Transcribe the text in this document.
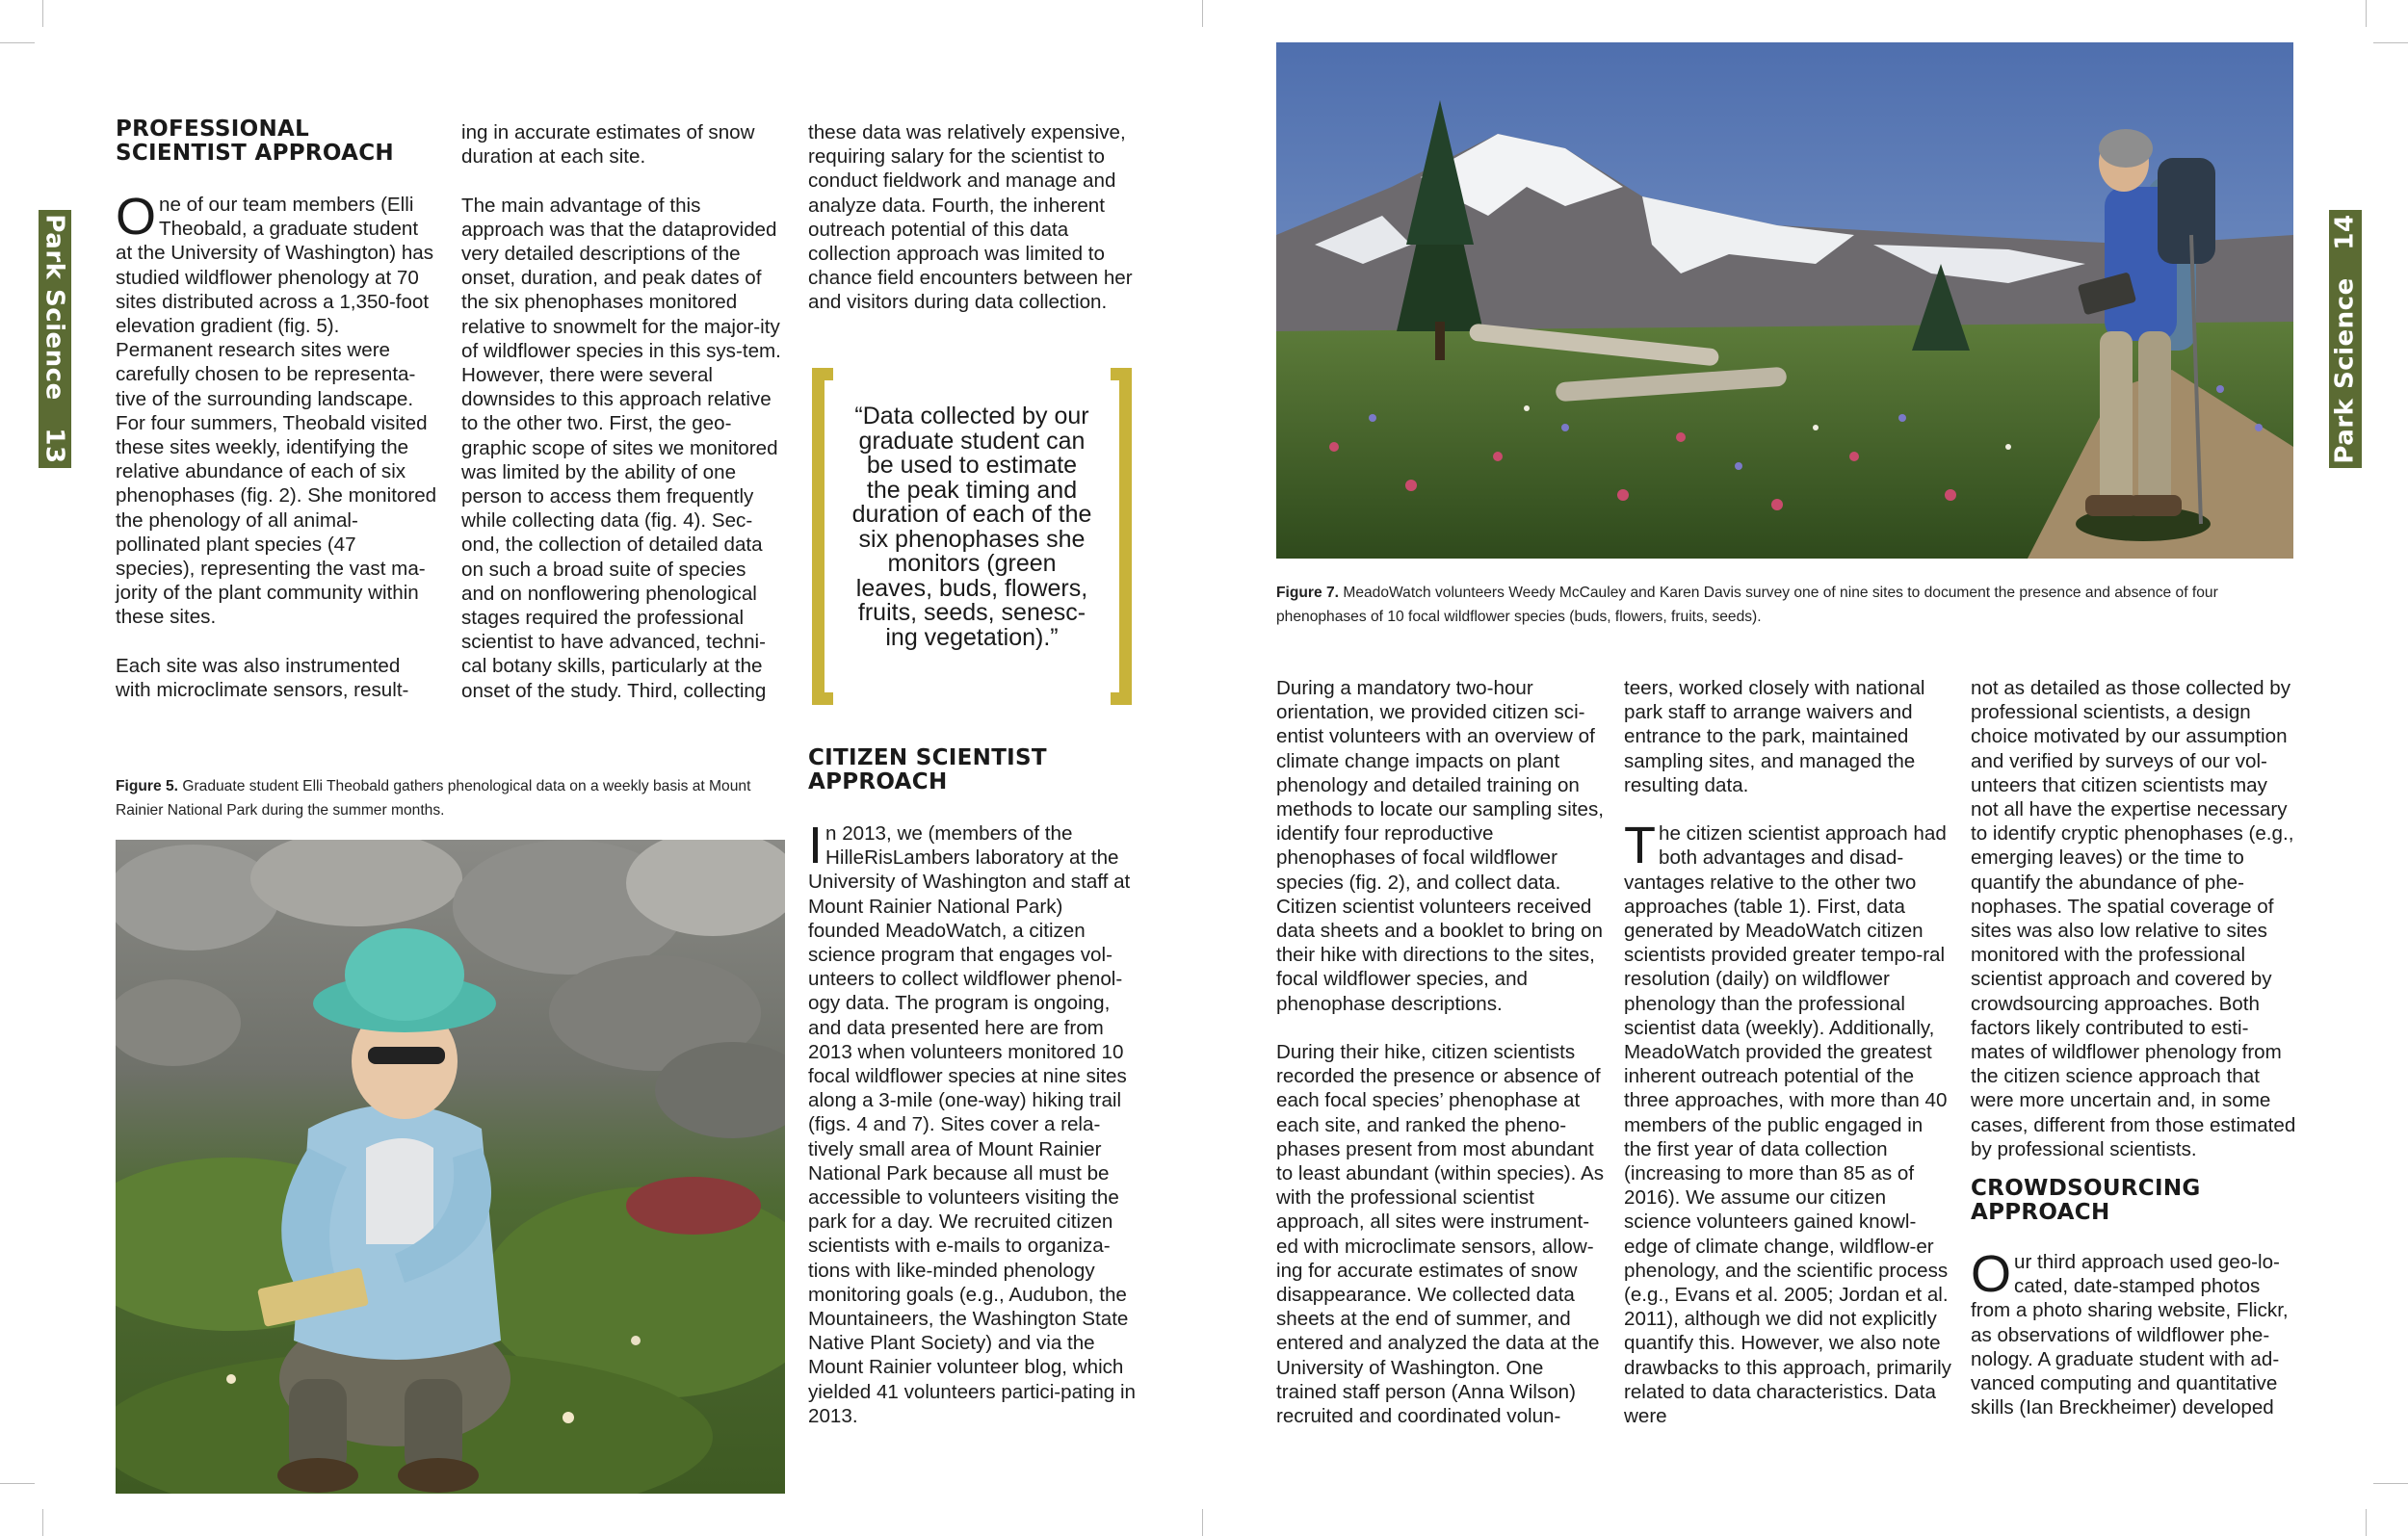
Park Science   13
PROFESSIONAL
SCIENTIST APPROACH

One of our team members (Elli Theobald, a graduate student at the University of Washington) has studied wildflower phenology at 70 sites distributed across a 1,350-foot elevation gradient (fig. 5). Permanent research sites were carefully chosen to be representa-tive of the surrounding landscape. For four summers, Theobald visited these sites weekly, identifying the relative abundance of each of six phenophases (fig. 2). She monitored the phenology of all animal-pollinated plant species (47 species), representing the vast ma-jority of the plant community within these sites.

Each site was also instrumented with microclimate sensors, result-

ing in accurate estimates of snow duration at each site.

The main advantage of this approach was that the dataprovided very detailed descriptions of the onset, duration, and peak dates of the six phenophases monitored relative to snowmelt for the major-ity of wildflower species in this sys-tem. However, there were several downsides to this approach relative to the other two. First, the geo-graphic scope of sites we monitored was limited by the ability of one person to access them frequently while collecting data (fig. 4). Sec-ond, the collection of detailed data on such a broad suite of species and on nonflowering phenological stages required the professional scientist to have advanced, techni-cal botany skills, particularly at the onset of the study. Third, collecting

these data was relatively expensive, requiring salary for the scientist to conduct fieldwork and manage and analyze data. Fourth, the inherent outreach potential of this data collection approach was limited to chance field encounters between her and visitors during data collection.

“Data collected by our graduate student can be used to estimate the peak timing and duration of each of the six phenophases she monitors (green leaves, buds, flowers, fruits, seeds, senesc-ing vegetation).”
CITIZEN SCIENTIST
APPROACH

In 2013, we (members of the HilleRisLambers laboratory at the University of Washington and staff at Mount Rainier National Park) founded MeadoWatch, a citizen science program that engages vol-unteers to collect wildflower phenol-ogy data. The program is ongoing, and data presented here are from 2013 when volunteers monitored 10 focal wildflower species at nine sites along a 3-mile (one-way) hiking trail (figs. 4 and 7). Sites cover a rela-tively small area of Mount Rainier National Park because all must be accessible to volunteers visiting the park for a day. We recruited citizen scientists with e-mails to organiza-tions with like-minded phenology monitoring goals (e.g., Audubon, the Mountaineers, the Washington State Native Plant Society) and via the Mount Rainier volunteer blog, which yielded 41 volunteers partici-pating in 2013.

Figure 5. Graduate student Elli Theobald gathers phenological data on a weekly basis at Mount Rainier National Park during the summer months.
Park Science   14
Figure 7. MeadoWatch volunteers Weedy McCauley and Karen Davis survey one of nine sites to document the presence and absence of four phenophases of 10 focal wildflower species (buds, flowers, fruits, seeds).

During a mandatory two-hour orientation, we provided citizen sci-entist volunteers with an overview of climate change impacts on plant phenology and detailed training on methods to locate our sampling sites, identify four reproductive phenophases of focal wildflower species (fig. 2), and collect data. Citizen scientist volunteers received data sheets and a booklet to bring on their hike with directions to the sites, focal wildflower species, and phenophase descriptions.

During their hike, citizen scientists recorded the presence or absence of each focal species’ phenophase at each site, and ranked the pheno-phases present from most abundant to least abundant (within species). As with the professional scientist approach, all sites were instrument-ed with microclimate sensors, allow-ing for accurate estimates of snow disappearance. We collected data sheets at the end of summer, and entered and analyzed the data at the University of Washington. One trained staff person (Anna Wilson) recruited and coordinated volun-

teers, worked closely with national park staff to arrange waivers and entrance to the park, maintained sampling sites, and managed the resulting data.

The citizen scientist approach had both advantages and disad-vantages relative to the other two approaches (table 1). First, data generated by MeadoWatch citizen scientists provided greater tempo-ral resolution (daily) on wildflower phenology than the professional scientist data (weekly). Additionally, MeadoWatch provided the greatest inherent outreach potential of the three approaches, with more than 40 members of the public engaged in the first year of data collection (increasing to more than 85 as of 2016). We assume our citizen science volunteers gained knowl-edge of climate change, wildflow-er phenology, and the scientific process (e.g., Evans et al. 2005; Jordan et al. 2011), although we did not explicitly quantify this. However, we also note drawbacks to this approach, primarily related to data characteristics. Data were

not as detailed as those collected by professional scientists, a design choice motivated by our assumption and verified by surveys of our vol-unteers that citizen scientists may not all have the expertise necessary to identify cryptic phenophases (e.g., emerging leaves) or the time to quantify the abundance of phe-nophases. The spatial coverage of sites was also low relative to sites monitored with the professional scientist approach and covered by crowdsourcing approaches. Both factors likely contributed to esti-mates of wildflower phenology from the citizen science approach that were more uncertain and, in some cases, different from those estimated by professional scientists.

CROWDSOURCING
APPROACH

Our third approach used geo-lo-cated, date-stamped photos from a photo sharing website, Flickr, as observations of wildflower phe-nology. A graduate student with ad-vanced computing and quantitative skills (Ian Breckheimer) developed
